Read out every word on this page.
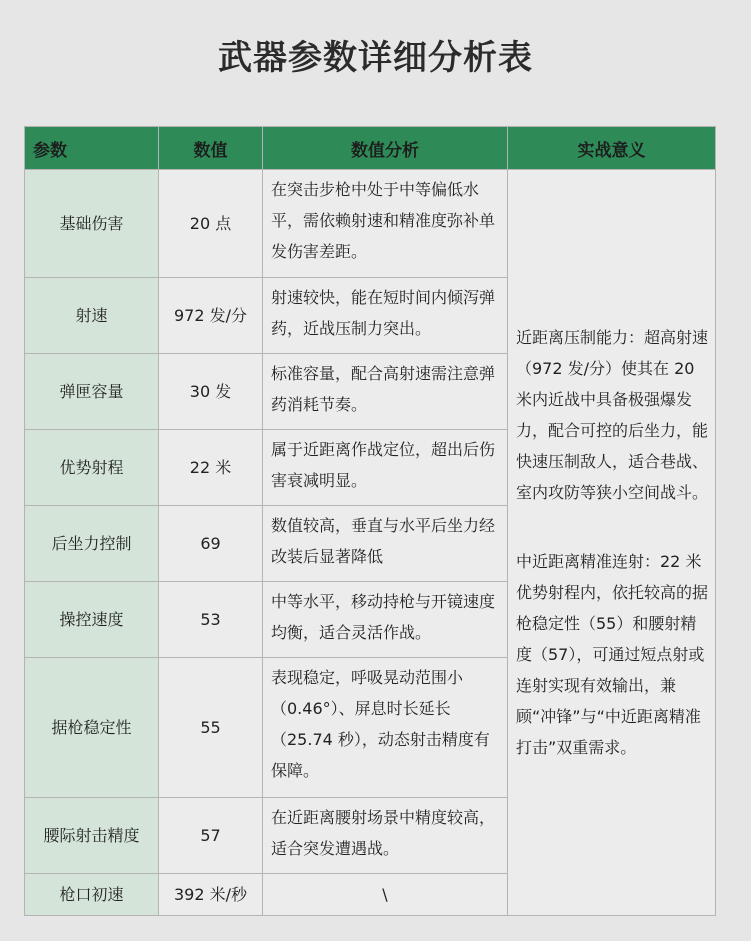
武器参数详细分析表
参数	数值	数值分析	实战意义
基础伤害	20 点	在突击步枪中处于中等偏低水平，需依赖射速和精准度弥补单发伤害差距。	近距离压制能力：超高射速（972 发/分）使其在 20 米内近战中具备极强爆发力，配合可控的后坐力，能快速压制敌人，适合巷战、室内攻防等狭小空间战斗。

中近距离精准连射：22 米优势射程内，依托较高的据枪稳定性（55）和腰射精度（57），可通过短点射或连射实现有效输出，兼顾“冲锋”与“中近距离精准打击”双重需求。

射速	972 发/分	射速较快，能在短时间内倾泻弹药，近战压制力突出。	
弹匣容量	30 发	标准容量，配合高射速需注意弹药消耗节奏。	
优势射程	22 米	属于近距离作战定位，超出后伤害衰减明显。	
后坐力控制	69	数值较高，垂直与水平后坐力经改装后显著降低	
操控速度	53	中等水平，移动持枪与开镜速度均衡，适合灵活作战。	
据枪稳定性	55	表现稳定，呼吸晃动范围小（0.46°）、屏息时长延长（25.74 秒），动态射击精度有保障。	
腰际射击精度	57	在近距离腰射场景中精度较高，适合突发遭遇战。	
枪口初速	392 米/秒	\	
